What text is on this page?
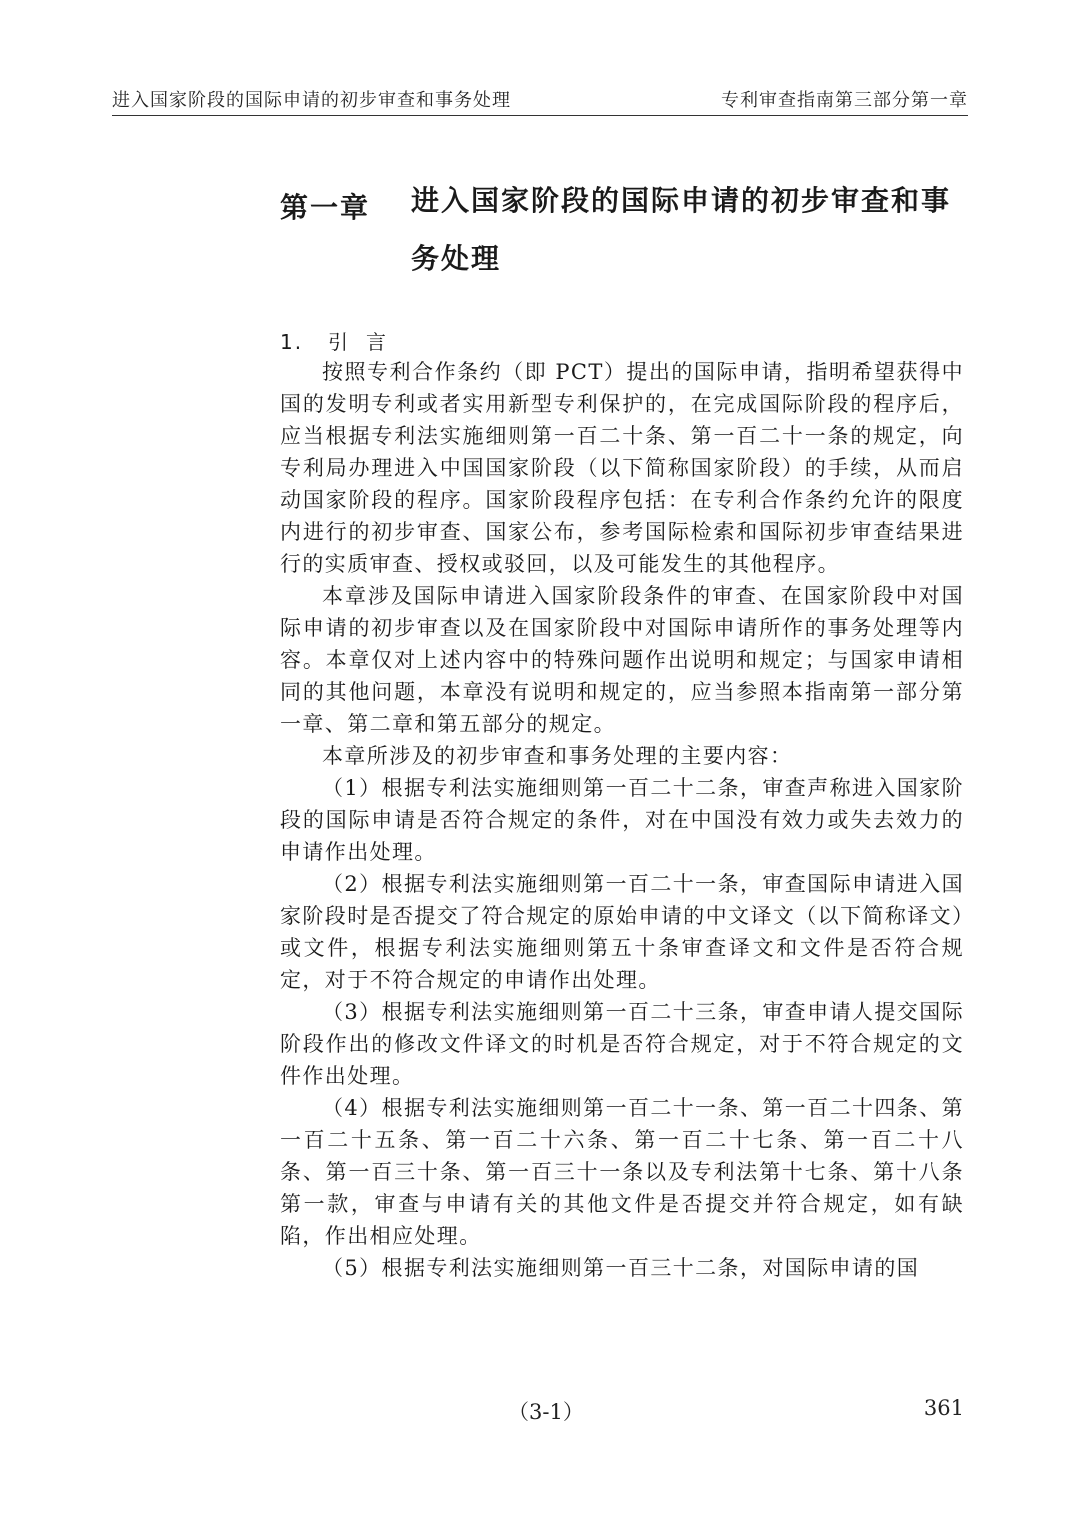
进入国家阶段的国际申请的初步审查和事务处理	专利审查指南第三部分第一章
第一章 进入国家阶段的国际申请的初步审查和事务处理
1. 引言

按照专利合作条约（即 PCT）提出的国际申请，指明希望获得中国的发明专利或者实用新型专利保护的，在完成国际阶段的程序后，应当根据专利法实施细则第一百二十条、第一百二十一条的规定，向专利局办理进入中国国家阶段（以下简称国家阶段）的手续，从而启动国家阶段的程序。国家阶段程序包括：在专利合作条约允许的限度内进行的初步审查、国家公布，参考国际检索和国际初步审查结果进行的实质审查、授权或驳回，以及可能发生的其他程序。

本章涉及国际申请进入国家阶段条件的审查、在国家阶段中对国际申请的初步审查以及在国家阶段中对国际申请所作的事务处理等内容。本章仅对上述内容中的特殊问题作出说明和规定；与国家申请相同的其他问题，本章没有说明和规定的，应当参照本指南第一部分第一章、第二章和第五部分的规定。

本章所涉及的初步审查和事务处理的主要内容：

（1）根据专利法实施细则第一百二十二条，审查声称进入国家阶段的国际申请是否符合规定的条件，对在中国没有效力或失去效力的申请作出处理。

（2）根据专利法实施细则第一百二十一条，审查国际申请进入国家阶段时是否提交了符合规定的原始申请的中文译文（以下简称译文）或文件，根据专利法实施细则第五十条审查译文和文件是否符合规定，对于不符合规定的申请作出处理。

（3）根据专利法实施细则第一百二十三条，审查申请人提交国际阶段作出的修改文件译文的时机是否符合规定，对于不符合规定的文件作出处理。

（4）根据专利法实施细则第一百二十一条、第一百二十四条、第一百二十五条、第一百二十六条、第一百二十七条、第一百二十八条、第一百三十条、第一百三十一条以及专利法第十七条、第十八条第一款，审查与申请有关的其他文件是否提交并符合规定，如有缺陷，作出相应处理。

（5）根据专利法实施细则第一百三十二条，对国际申请的国

（3-1）	361
